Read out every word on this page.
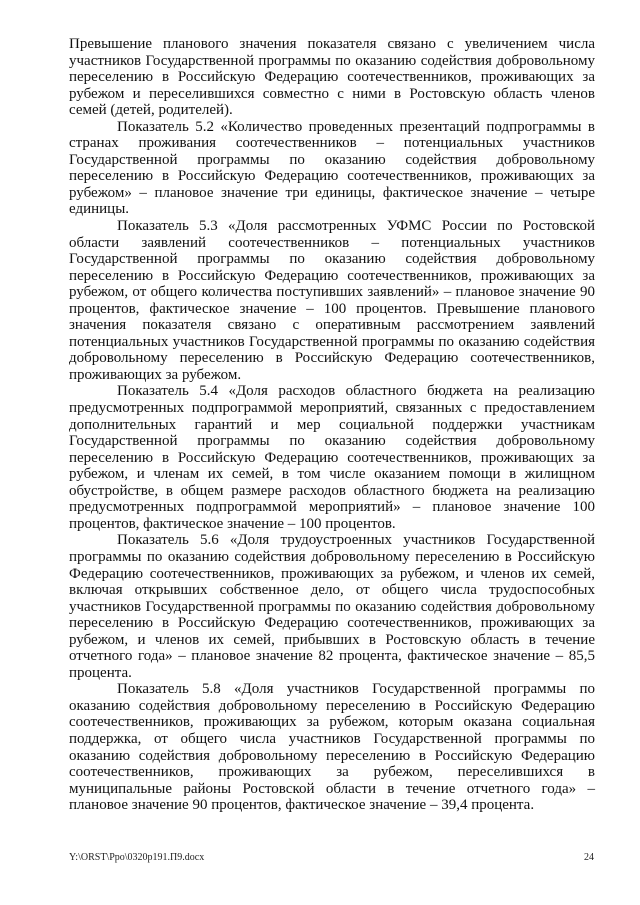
Превышение планового значения показателя связано с увеличением числа участников Государственной программы по оказанию содействия добровольному переселению в Российскую Федерацию соотечественников, проживающих за рубежом и переселившихся совместно с ними в Ростовскую область членов семей (детей, родителей).

Показатель 5.2 «Количество проведенных презентаций подпрограммы в странах проживания соотечественников – потенциальных участников Государственной программы по оказанию содействия добровольному переселению в Российскую Федерацию соотечественников, проживающих за рубежом» – плановое значение три единицы, фактическое значение – четыре единицы.

Показатель 5.3 «Доля рассмотренных УФМС России по Ростовской области заявлений соотечественников – потенциальных участников Государственной программы по оказанию содействия добровольному переселению в Российскую Федерацию соотечественников, проживающих за рубежом, от общего количества поступивших заявлений» – плановое значение 90 процентов, фактическое значение – 100 процентов. Превышение планового значения показателя связано с оперативным рассмотрением заявлений потенциальных участников Государственной программы по оказанию содействия добровольному переселению в Российскую Федерацию соотечественников, проживающих за рубежом.

Показатель 5.4 «Доля расходов областного бюджета на реализацию предусмотренных подпрограммой мероприятий, связанных с предоставлением дополнительных гарантий и мер социальной поддержки участникам Государственной программы по оказанию содействия добровольному переселению в Российскую Федерацию соотечественников, проживающих за рубежом, и членам их семей, в том числе оказанием помощи в жилищном обустройстве, в общем размере расходов областного бюджета на реализацию предусмотренных подпрограммой мероприятий» – плановое значение 100 процентов, фактическое значение – 100 процентов.

Показатель 5.6 «Доля трудоустроенных участников Государственной программы по оказанию содействия добровольному переселению в Российскую Федерацию соотечественников, проживающих за рубежом, и членов их семей, включая открывших собственное дело, от общего числа трудоспособных участников Государственной программы по оказанию содействия добровольному переселению в Российскую Федерацию соотечественников, проживающих за рубежом, и членов их семей, прибывших в Ростовскую область в течение отчетного года» – плановое значение 82 процента, фактическое значение – 85,5 процента.

Показатель 5.8 «Доля участников Государственной программы по оказанию содействия добровольному переселению в Российскую Федерацию соотечественников, проживающих за рубежом, которым оказана социальная поддержка, от общего числа участников Государственной программы по оказанию содействия добровольному переселению в Российскую Федерацию соотечественников, проживающих за рубежом, переселившихся в муниципальные районы Ростовской области в течение отчетного года» – плановое значение 90 процентов, фактическое значение – 39,4 процента.

Y:\ORST\Ppo\0320p191.П9.docx	24
